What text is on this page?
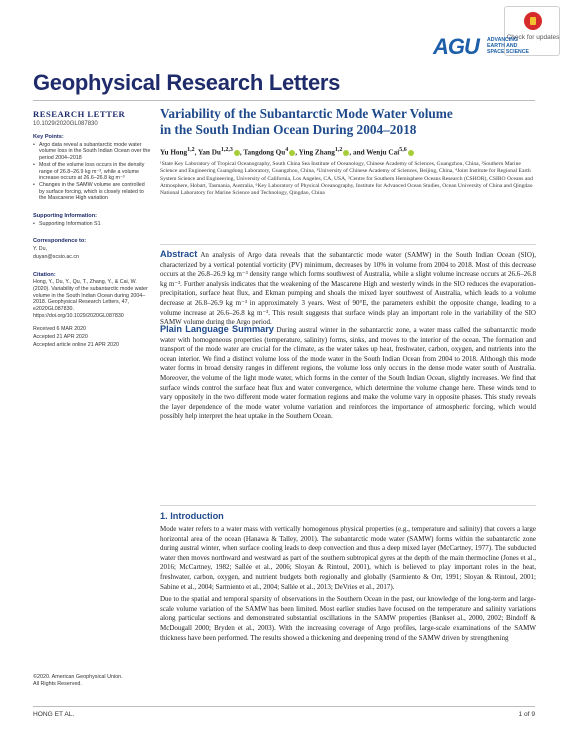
Check for updates
AGU ADVANCING
EARTH AND
SPACE SCIENCE
Geophysical Research Letters
RESEARCH LETTER
10.1029/2020GL087830
Key Points:
• Argo data reveal a subantarctic mode water volume loss in the South Indian Ocean over the period 2004–2018
• Most of the volume loss occurs in the density range of 26.8–26.9 kg m⁻³, while a volume increase occurs at 26.6–26.8 kg m⁻³
• Changes in the SAMW volume are controlled by surface forcing, which is closely related to the Mascarene High variation
Supporting Information:
• Supporting Information S1
Correspondence to:
Y. Du,
duyan@scsio.ac.cn
Citation:
Hong, Y., Du, Y., Qu, T., Zhang, Y., & Cai, W. (2020). Variability of the subantarctic mode water volume in the South Indian Ocean during 2004–2018. Geophysical Research Letters, 47, e2020GL087830. https://doi.org/10.1029/2020GL087830
Received 6 MAR 2020
Accepted 21 APR 2020
Accepted article online 21 APR 2020
©2020. American Geophysical Union.
All Rights Reserved.
Variability of the Subantarctic Mode Water Volume
in the South Indian Ocean During 2004–2018
Yu Hong$^{1,2}$, Yan Du$^{1,2,3}$ , Tangdong Qu$^4$ , Ying Zhang$^{1,2}$ , and Wenju Cai$^{5,6}$
¹State Key Laboratory of Tropical Oceanography, South China Sea Institute of Oceanology, Chinese Academy of Sciences, Guangzhou, China, ²Southern Marine Science and Engineering Guangdong Laboratory, Guangzhou, China, ³University of Chinese Academy of Sciences, Beijing, China, ⁴Joint Institute for Regional Earth System Science and Engineering, University of California, Los Angeles, CA, USA, ⁵Centre for Southern Hemisphere Oceans Research (CSHOR), CSIRO Oceans and Atmosphere, Hobart, Tasmania, Australia, ⁶Key Laboratory of Physical Oceanography, Institute for Advanced Ocean Studies, Ocean University of China and Qingdao National Laboratory for Marine Science and Technology, Qingdao, China
Abstract An analysis of Argo data reveals that the subantarctic mode water (SAMW) in the South Indian Ocean (SIO), characterized by a vertical potential vorticity (PV) minimum, decreases by 10% in volume from 2004 to 2018. Most of this decrease occurs at the 26.8–26.9 kg m⁻³ density range which forms southwest of Australia, while a slight volume increase occurs at 26.6–26.8 kg m⁻³. Further analysis indicates that the weakening of the Mascarene High and westerly winds in the SIO reduces the evaporation-precipitation, surface heat flux, and Ekman pumping and shoals the mixed layer southwest of Australia, which leads to a volume decrease at 26.8–26.9 kg m⁻³ in approximately 3 years. West of 90°E, the parameters exhibit the opposite change, leading to a volume increase at 26.6–26.8 kg m⁻³. This result suggests that surface winds play an important role in the variability of the SIO SAMW volume during the Argo period.
Plain Language Summary During austral winter in the subantarctic zone, a water mass called the subantarctic mode water with homogeneous properties (temperature, salinity) forms, sinks, and moves to the interior of the ocean. The formation and transport of the mode water are crucial for the climate, as the water takes up heat, freshwater, carbon, oxygen, and nutrients into the ocean interior. We find a distinct volume loss of the mode water in the South Indian Ocean from 2004 to 2018. Although this mode water forms in broad density ranges in different regions, the volume loss only occurs in the dense mode water south of Australia. Moreover, the volume of the light mode water, which forms in the center of the South Indian Ocean, slightly increases. We find that surface winds control the surface heat flux and water convergence, which determine the volume change here. These winds tend to vary oppositely in the two different mode water formation regions and make the volume vary in opposite phases. This study reveals the layer dependence of the mode water volume variation and reinforces the importance of atmospheric forcing, which would possibly help interpret the heat uptake in the Southern Ocean.
1. Introduction

Mode water refers to a water mass with vertically homogenous physical properties (e.g., temperature and salinity) that covers a large horizontal area of the ocean (Hanawa & Talley, 2001). The subantarctic mode water (SAMW) forms within the subantarctic zone during austral winter, when surface cooling leads to deep convection and thus a deep mixed layer (McCartney, 1977). The subducted water then moves northward and westward as part of the southern subtropical gyres at the depth of the main thermocline (Jones et al., 2016; McCartney, 1982; Sallée et al., 2006; Sloyan & Rintoul, 2001), which is believed to play important roles in the heat, freshwater, carbon, oxygen, and nutrient budgets both regionally and globally (Sarmiento & Orr, 1991; Sloyan & Rintoul, 2001; Sabine et al., 2004; Sarmiento et al., 2004; Sallée et al., 2013; DeVries et al., 2017).

Due to the spatial and temporal sparsity of observations in the Southern Ocean in the past, our knowledge of the long-term and large-scale volume variation of the SAMW has been limited. Most earlier studies have focused on the temperature and salinity variations along particular sections and demonstrated substantial oscillations in the SAMW properties (Bankset al., 2000, 2002; Bindoff & McDougall 2000; Bryden et al., 2003). With the increasing coverage of Argo profiles, large-scale examinations of the SAMW thickness have been performed. The results showed a thickening and deepening trend of the SAMW driven by strengthening

HONG ET AL.	1 of 9
